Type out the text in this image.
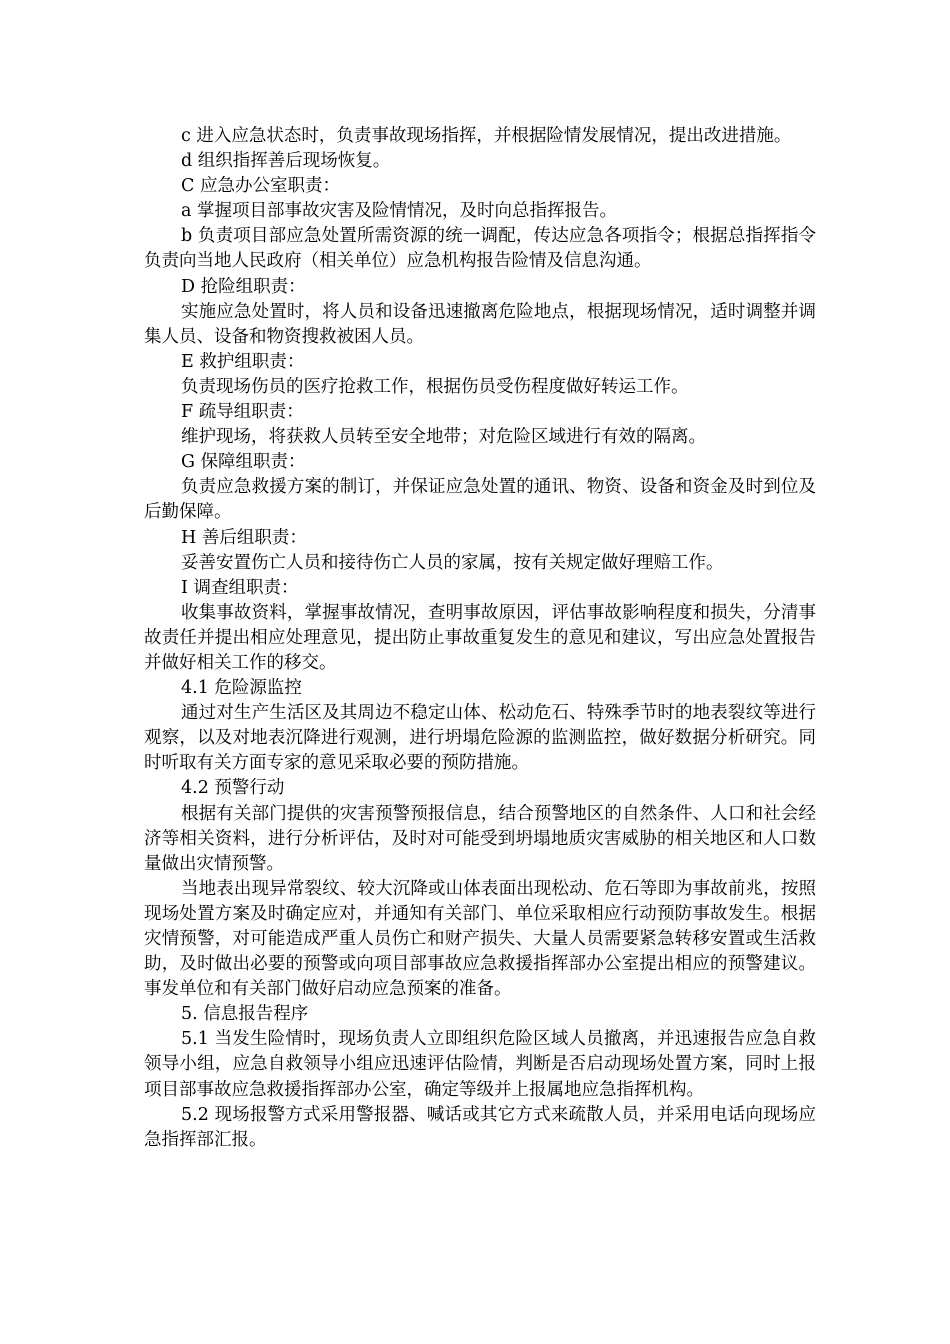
c 进入应急状态时，负责事故现场指挥，并根据险情发展情况，提出改进措施。

d 组织指挥善后现场恢复。

C 应急办公室职责：

a 掌握项目部事故灾害及险情情况，及时向总指挥报告。

b 负责项目部应急处置所需资源的统一调配，传达应急各项指令；根据总指挥指令负责向当地人民政府（相关单位）应急机构报告险情及信息沟通。

D 抢险组职责：

实施应急处置时，将人员和设备迅速撤离危险地点，根据现场情况，适时调整并调集人员、设备和物资搜救被困人员。

E 救护组职责：

负责现场伤员的医疗抢救工作，根据伤员受伤程度做好转运工作。

F 疏导组职责：

维护现场，将获救人员转至安全地带；对危险区域进行有效的隔离。

G 保障组职责：

负责应急救援方案的制订，并保证应急处置的通讯、物资、设备和资金及时到位及后勤保障。

H 善后组职责：

妥善安置伤亡人员和接待伤亡人员的家属，按有关规定做好理赔工作。

I 调查组职责：

收集事故资料，掌握事故情况，查明事故原因，评估事故影响程度和损失，分清事故责任并提出相应处理意见，提出防止事故重复发生的意见和建议，写出应急处置报告并做好相关工作的移交。

4.1 危险源监控

通过对生产生活区及其周边不稳定山体、松动危石、特殊季节时的地表裂纹等进行观察，以及对地表沉降进行观测，进行坍塌危险源的监测监控，做好数据分析研究。同时听取有关方面专家的意见采取必要的预防措施。

4.2 预警行动

根据有关部门提供的灾害预警预报信息，结合预警地区的自然条件、人口和社会经济等相关资料，进行分析评估，及时对可能受到坍塌地质灾害威胁的相关地区和人口数量做出灾情预警。

当地表出现异常裂纹、较大沉降或山体表面出现松动、危石等即为事故前兆，按照现场处置方案及时确定应对，并通知有关部门、单位采取相应行动预防事故发生。根据灾情预警，对可能造成严重人员伤亡和财产损失、大量人员需要紧急转移安置或生活救助，及时做出必要的预警或向项目部事故应急救援指挥部办公室提出相应的预警建议。事发单位和有关部门做好启动应急预案的准备。

5. 信息报告程序

5.1 当发生险情时，现场负责人立即组织危险区域人员撤离，并迅速报告应急自救领导小组，应急自救领导小组应迅速评估险情，判断是否启动现场处置方案，同时上报项目部事故应急救援指挥部办公室，确定等级并上报属地应急指挥机构。

5.2 现场报警方式采用警报器、喊话或其它方式来疏散人员，并采用电话向现场应急指挥部汇报。
